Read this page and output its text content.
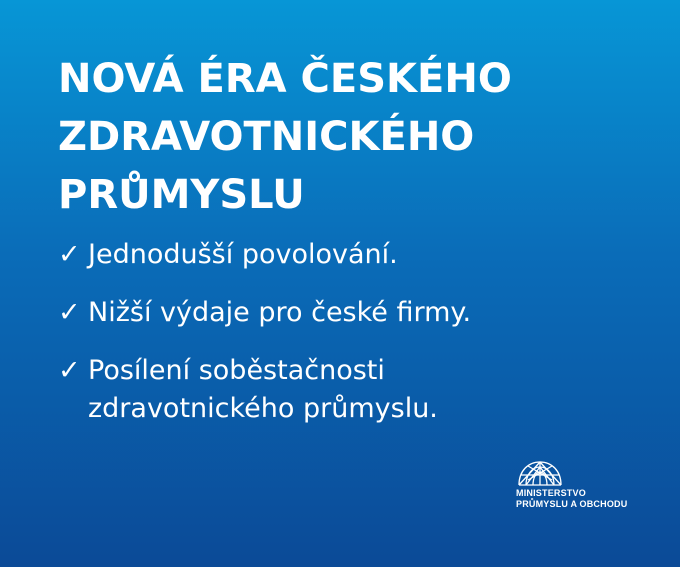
NOVÁ ÉRA ČESKÉHO
ZDRAVOTNICKÉHO
PRŮMYSLU
✓ Jednodušší povolování.
✓ Nižší výdaje pro české firmy.
✓ Posílení soběstačnosti
zdravotnického průmyslu.
MINISTERSTVO
PRŮMYSLU A OBCHODU
